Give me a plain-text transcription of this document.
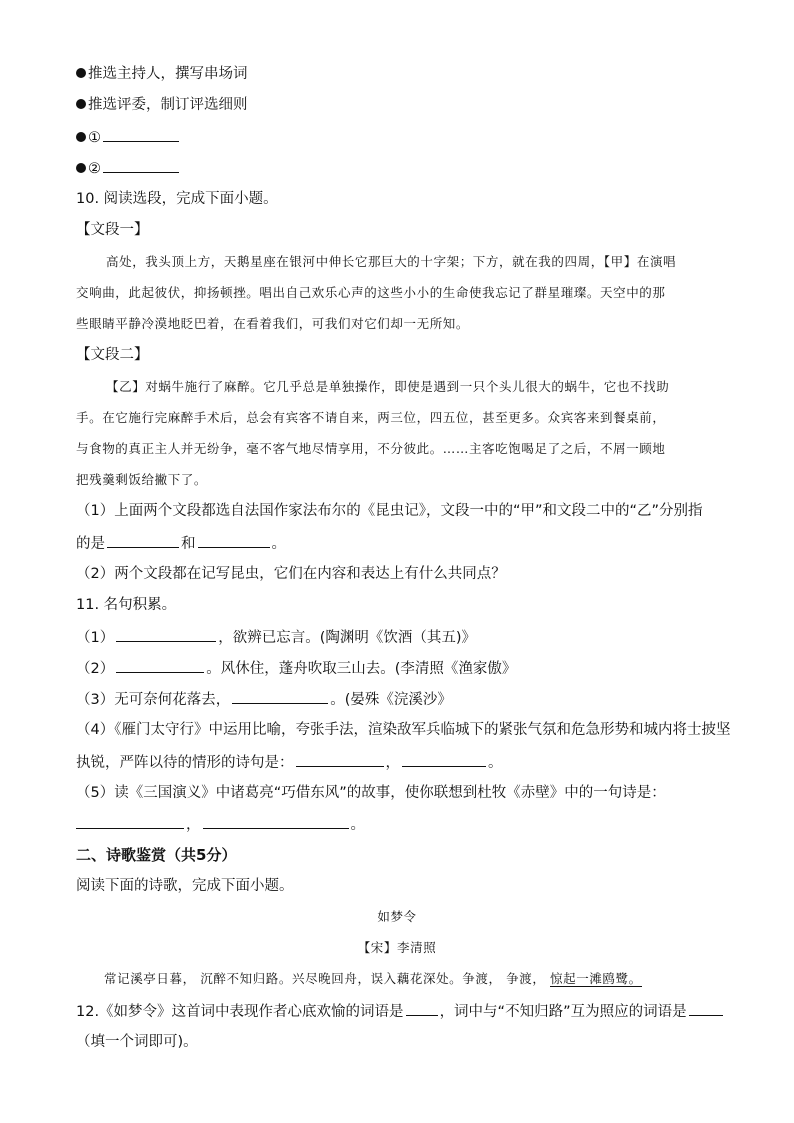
推选主持人，撰写串场词
推选评委，制订评选细则
①
②
10. 阅读选段，完成下面小题。
【文段一】
高处，我头顶上方，天鹅星座在银河中伸长它那巨大的十字架；下方，就在我的四周，【甲】在演唱
交响曲，此起彼伏，抑扬顿挫。唱出自己欢乐心声的这些小小的生命使我忘记了群星璀璨。天空中的那
些眼睛平静冷漠地眨巴着，在看着我们，可我们对它们却一无所知。
【文段二】
【乙】对蜗牛施行了麻醉。它几乎总是单独操作，即使是遇到一只个头儿很大的蜗牛，它也不找助
手。在它施行完麻醉手术后，总会有宾客不请自来，两三位，四五位，甚至更多。众宾客来到餐桌前，
与食物的真正主人并无纷争，毫不客气地尽情享用，不分彼此。……主客吃饱喝足了之后，不屑一顾地
把残羹剩饭给撇下了。
（1）上面两个文段都选自法国作家法布尔的《昆虫记》，文段一中的“甲”和文段二中的“乙”分别指
的是	和	。
（2）两个文段都在记写昆虫，它们在内容和表达上有什么共同点？
11. 名句积累。
（1）	，欲辨已忘言。(陶渊明《饮酒（其五)》
（2）	。风休住，蓬舟吹取三山去。(李清照《渔家傲》
（3）无可奈何花落去，	。(晏殊《浣溪沙》
（4）《雁门太守行》中运用比喻，夸张手法，渲染敌军兵临城下的紧张气氛和危急形势和城内将士披坚
执锐，严阵以待的情形的诗句是：	，	。
（5）读《三国演义》中诸葛亮“巧借东风”的故事，使你联想到杜牧《赤壁》中的一句诗是：
，	。
二、诗歌鉴赏（共5分）
阅读下面的诗歌，完成下面小题。
如梦令
【宋】李清照
常记溪亭日暮， 沉醉不知归路。兴尽晚回舟，误入藕花深处。争渡， 争渡， 惊起一滩鸥鹭。
12.《如梦令》这首词中表现作者心底欢愉的词语是 ，词中与“不知归路”互为照应的词语是
（填一个词即可)。
